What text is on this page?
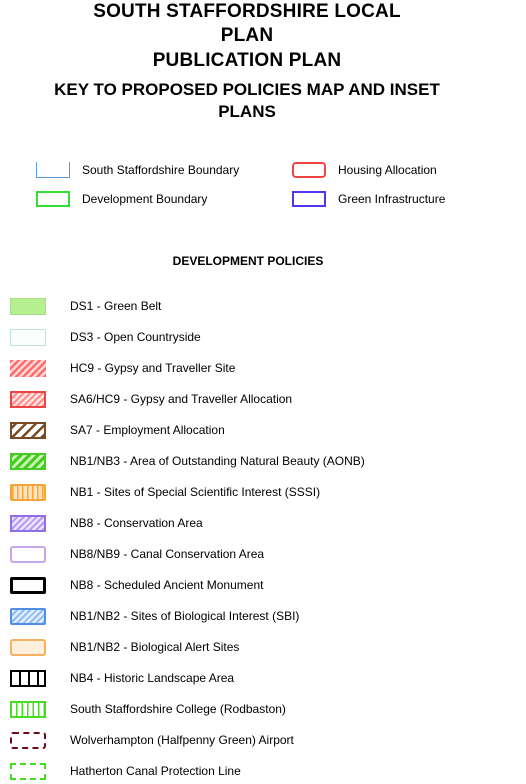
SOUTH STAFFORDSHIRE LOCAL
PLAN
PUBLICATION PLAN
KEY TO PROPOSED POLICIES MAP AND INSET
PLANS
South Staffordshire Boundary
Development Boundary
Housing Allocation
Green Infrastructure
DEVELOPMENT POLICIES
DS1 - Green Belt
DS3 - Open Countryside
HC9 - Gypsy and Traveller Site
SA6/HC9 - Gypsy and Traveller Allocation
SA7 - Employment Allocation
NB1/NB3 - Area of Outstanding Natural Beauty (AONB)
NB1 - Sites of Special Scientific Interest (SSSI)
NB8 - Conservation Area
NB8/NB9 - Canal Conservation Area
NB8 - Scheduled Ancient Monument
NB1/NB2 - Sites of Biological Interest (SBI)
NB1/NB2 - Biological Alert Sites
NB4 - Historic Landscape Area
South Staffordshire College (Rodbaston)
Wolverhampton (Halfpenny Green) Airport
Hatherton Canal Protection Line
